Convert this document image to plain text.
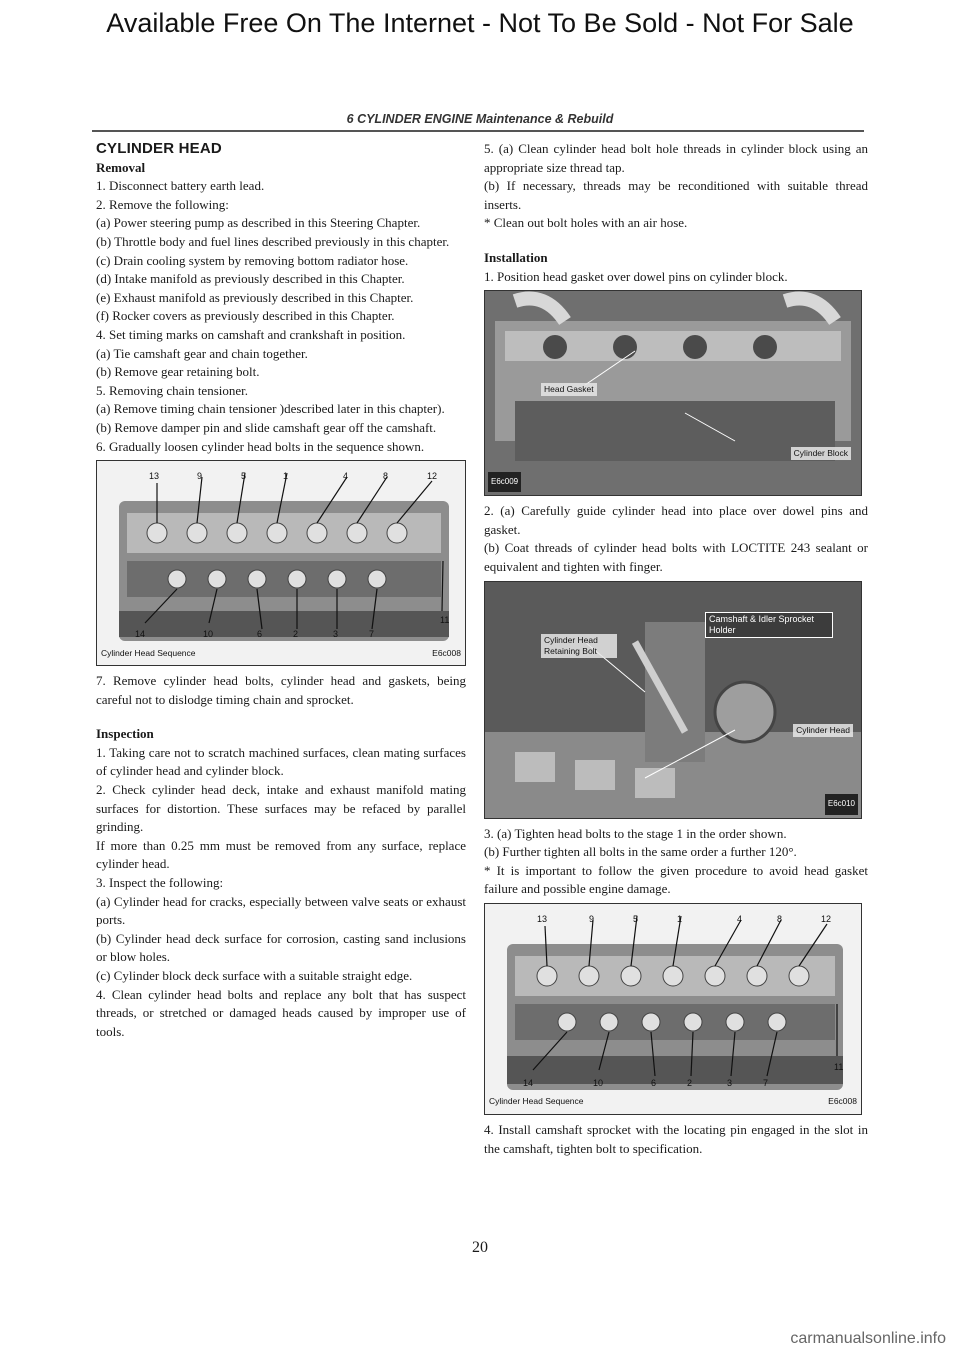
Available Free On The Internet - Not To Be Sold - Not For Sale
6 CYLINDER ENGINE Maintenance & Rebuild

CYLINDER HEAD

Removal

1. Disconnect battery earth lead.

2. Remove the following:

(a) Power steering pump as described in this Steering Chapter.

(b) Throttle body and fuel lines described previously in this chapter.

(c) Drain cooling system by removing bottom radiator hose.

(d) Intake manifold as previously described in this Chapter.

(e) Exhaust manifold as previously described in this Chapter.

(f) Rocker covers as previously described in this Chapter.

4. Set timing marks on camshaft and crankshaft in position.

(a) Tie camshaft gear and chain together.

(b) Remove gear retaining bolt.

5. Removing chain tensioner.

(a) Remove timing chain tensioner )described later in this chapter).

(b) Remove damper pin and slide camshaft gear off the camshaft.

6. Gradually loosen cylinder head bolts in the sequence shown.

13	9	5	1	4	8	12
14	10	6	2	3	7
11
Cylinder Head Sequence	E6c008

7. Remove cylinder head bolts, cylinder head and gaskets, being careful not to dislodge timing chain and sprocket.

Inspection

1. Taking care not to scratch machined surfaces, clean mating surfaces of cylinder head and cylinder block.

2. Check cylinder head deck, intake and exhaust manifold mating surfaces for distortion. These surfaces may be refaced by parallel grinding.

If more than 0.25 mm must be removed from any surface, replace cylinder head.

3. Inspect the following:

(a) Cylinder head for cracks, especially between valve seats or exhaust ports.

(b) Cylinder head deck surface for corrosion, casting sand inclusions or blow holes.

(c) Cylinder block deck surface with a suitable straight edge.

4. Clean cylinder head bolts and replace any bolt that has suspect threads, or stretched or damaged heads caused by improper use of tools.

5. (a) Clean cylinder head bolt hole threads in cylinder block using an appropriate size thread tap.

(b) If necessary, threads may be reconditioned with suitable thread inserts.

* Clean out bolt holes with an air hose.

Installation

1. Position head gasket over dowel pins on cylinder block.

Head Gasket
Cylinder Block
E6c009

2. (a) Carefully guide cylinder head into place over dowel pins and gasket.

(b) Coat threads of cylinder head bolts with LOCTITE 243 sealant or equivalent and tighten with finger.

Camshaft & Idler Sprocket Holder
Cylinder Head Retaining Bolt
Cylinder Head
E6c010

3. (a) Tighten head bolts to the stage 1 in the order shown.

(b) Further tighten all bolts in the same order a further 120°.

* It is important to follow the given procedure to avoid head gasket failure and possible engine damage.

13	9	5	1	4	8	12
14	10	6	2	3	7
11
Cylinder Head Sequence	E6c008

4. Install camshaft sprocket with the locating pin engaged in the slot in the camshaft, tighten bolt to specification.

20
carmanualsonline.info
